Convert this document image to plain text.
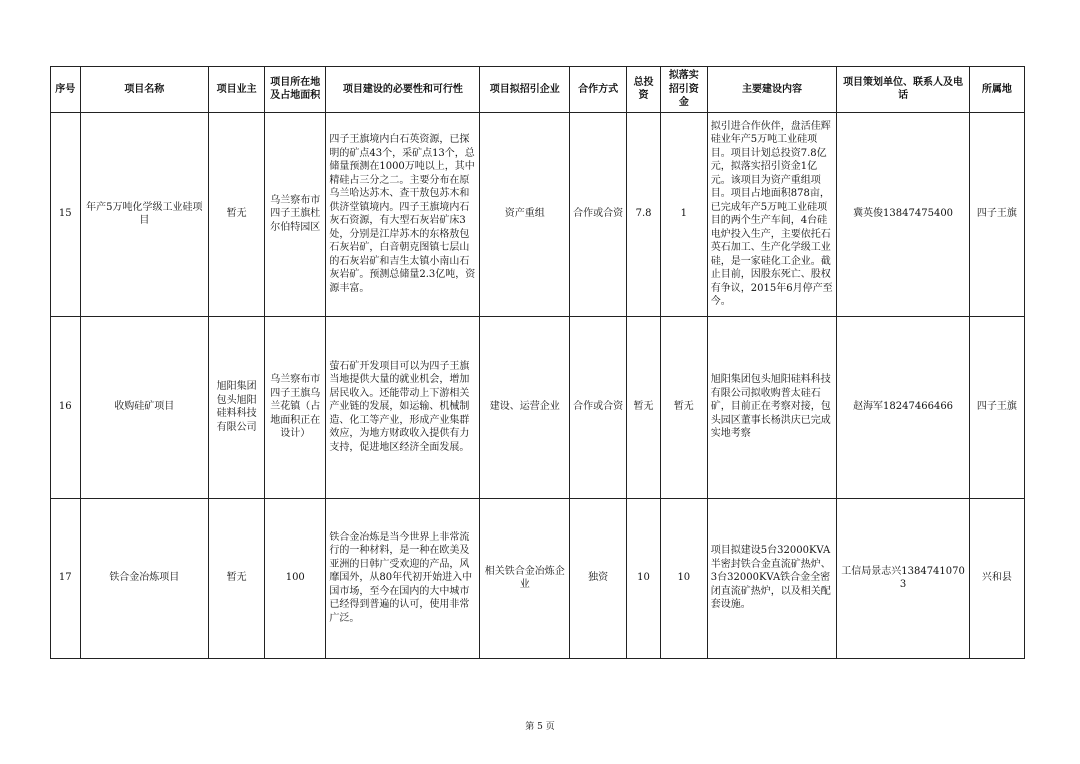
序号	项目名称	项目业主	项目所在地及占地面积	项目建设的必要性和可行性	项目拟招引企业	合作方式	总投资	拟落实招引资金	主要建设内容	项目策划单位、联系人及电话	所属地
15	年产5万吨化学级工业硅项目	暂无	乌兰察布市四子王旗杜尔伯特园区	四子王旗境内白石英资源，已探明的矿点43个，采矿点13个，总储量预测在1000万吨以上，其中精硅占三分之二。主要分布在原乌兰哈达苏木、查干敖包苏木和供济堂镇境内。四子王旗境内石灰石资源，有大型石灰岩矿床3处，分别是江岸苏木的东格敖包石灰岩矿，白音朝克图镇七层山的石灰岩矿和吉生太镇小南山石灰岩矿。预测总储量2.3亿吨，资源丰富。	资产重组	合作或合资	7.8	1	拟引进合作伙伴，盘活佳辉硅业年产5万吨工业硅项目。项目计划总投资7.8亿元，拟落实招引资金1亿元。该项目为资产重组项目。项目占地面积878亩，已完成年产5万吨工业硅项目的两个生产车间，4台硅电炉投入生产，主要依托石英石加工、生产化学级工业硅，是一家硅化工企业。截止目前，因股东死亡、股权有争议，2015年6月停产至今。	冀英俊13847475400	四子王旗
16	收购硅矿项目	旭阳集团包头旭阳硅料科技有限公司	乌兰察布市四子王旗乌兰花镇（占地面积正在设计）	萤石矿开发项目可以为四子王旗当地提供大量的就业机会，增加居民收入。还能带动上下游相关产业链的发展，如运输、机械制造、化工等产业，形成产业集群效应，为地方财政收入提供有力支持，促进地区经济全面发展。	建设、运营企业	合作或合资	暂无	暂无	旭阳集团包头旭阳硅料科技有限公司拟收购普太硅石矿，目前正在考察对接，包头园区董事长杨洪庆已完成实地考察	赵海军18247466466	四子王旗
17	铁合金冶炼项目	暂无	100	铁合金冶炼是当今世界上非常流行的一种材料，是一种在欧美及亚洲的日韩广受欢迎的产品，风靡国外，从80年代初开始进入中国市场，至今在国内的大中城市已经得到普遍的认可，使用非常广泛。	相关铁合金冶炼企业	独资	10	10	项目拟建设5台32000KVA半密封铁合金直流矿热炉、3台32000KVA铁合金全密闭直流矿热炉，以及相关配套设施。	工信局景志兴13847410703	兴和县
第 5 页
